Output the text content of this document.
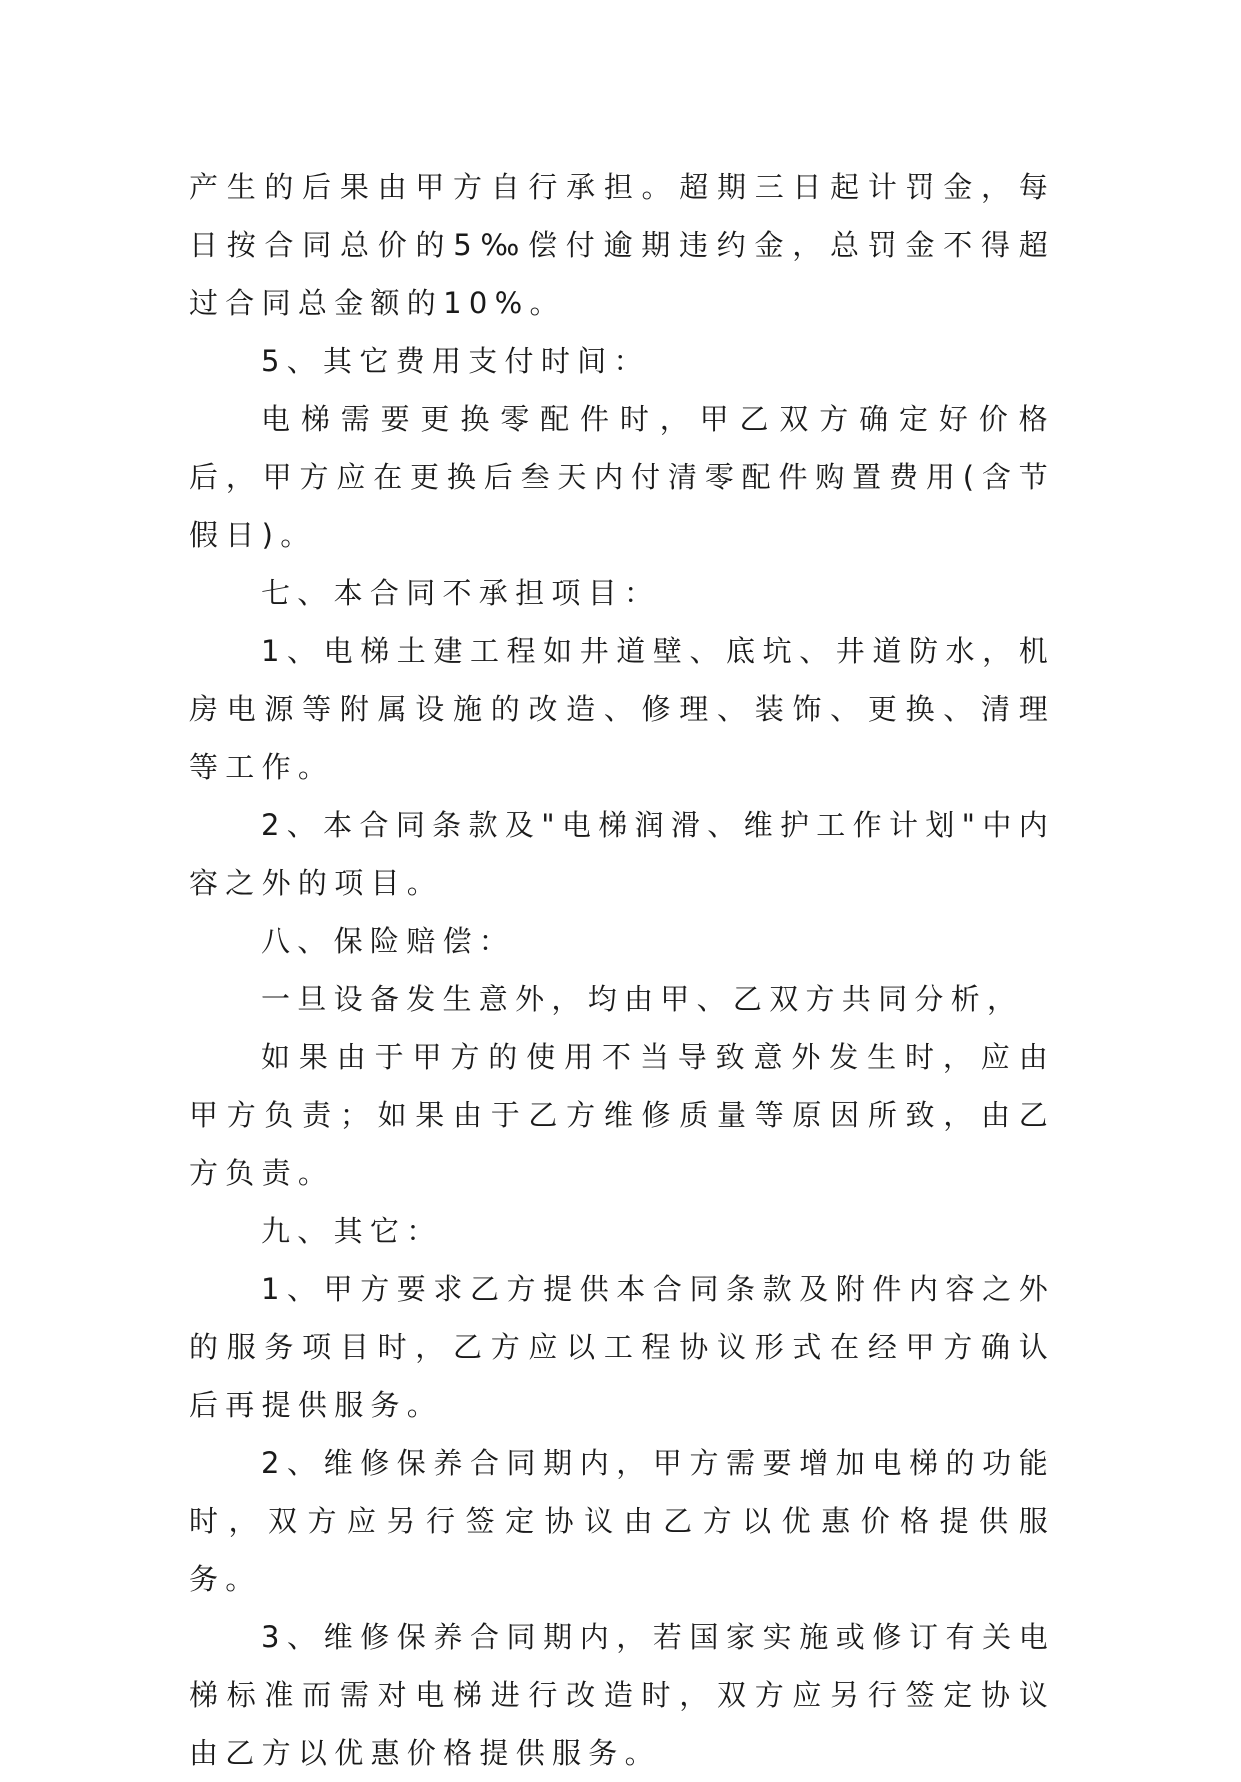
产生的后果由甲方自行承担。超期三日起计罚金，每日按合同总价的5‰偿付逾期违约金，总罚金不得超过合同总金额的10%。

5、其它费用支付时间：

电梯需要更换零配件时，甲乙双方确定好价格后，甲方应在更换后叁天内付清零配件购置费用(含节假日)。

七、本合同不承担项目：

1、电梯土建工程如井道壁、底坑、井道防水，机房电源等附属设施的改造、修理、装饰、更换、清理等工作。

2、本合同条款及"电梯润滑、维护工作计划"中内容之外的项目。

八、保险赔偿：

一旦设备发生意外，均由甲、乙双方共同分析，

如果由于甲方的使用不当导致意外发生时，应由甲方负责；如果由于乙方维修质量等原因所致，由乙方负责。

九、其它：

1、甲方要求乙方提供本合同条款及附件内容之外的服务项目时，乙方应以工程协议形式在经甲方确认后再提供服务。

2、维修保养合同期内，甲方需要增加电梯的功能时，双方应另行签定协议由乙方以优惠价格提供服务。

3、维修保养合同期内，若国家实施或修订有关电梯标准而需对电梯进行改造时，双方应另行签定协议由乙方以优惠价格提供服务。
